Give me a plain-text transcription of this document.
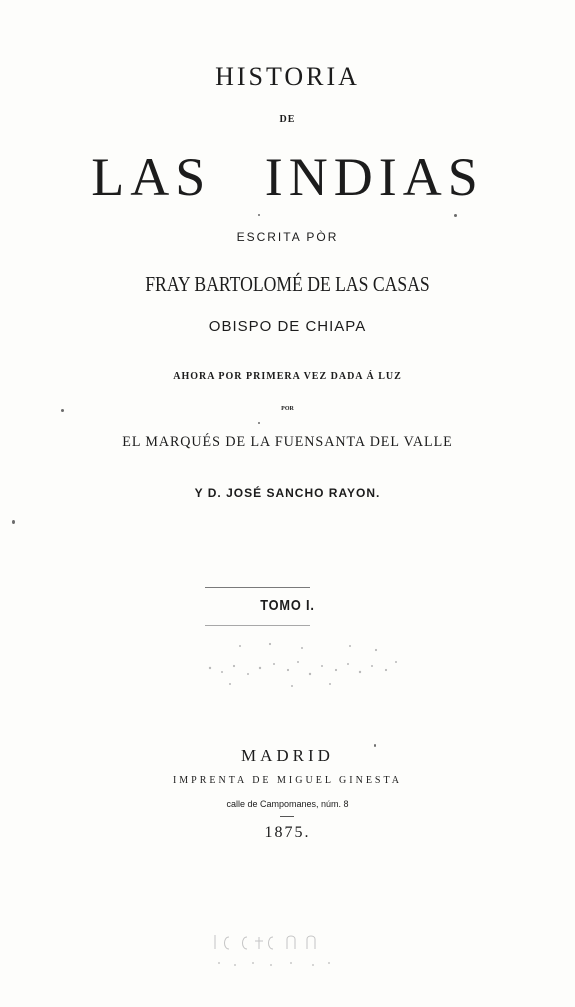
HISTORIA
DE
LAS INDIAS
ESCRITA PÒR
FRAY BARTOLOMÉ DE LAS CASAS
OBISPO DE CHIAPA
AHORA POR PRIMERA VEZ DADA Á LUZ
POR
EL MARQUÉS DE LA FUENSANTA DEL VALLE
Y D. JOSÉ SANCHO RAYON.
TOMO I.
MADRID
IMPRENTA DE MIGUEL GINESTA
calle de Campomanes, núm. 8
1875.
